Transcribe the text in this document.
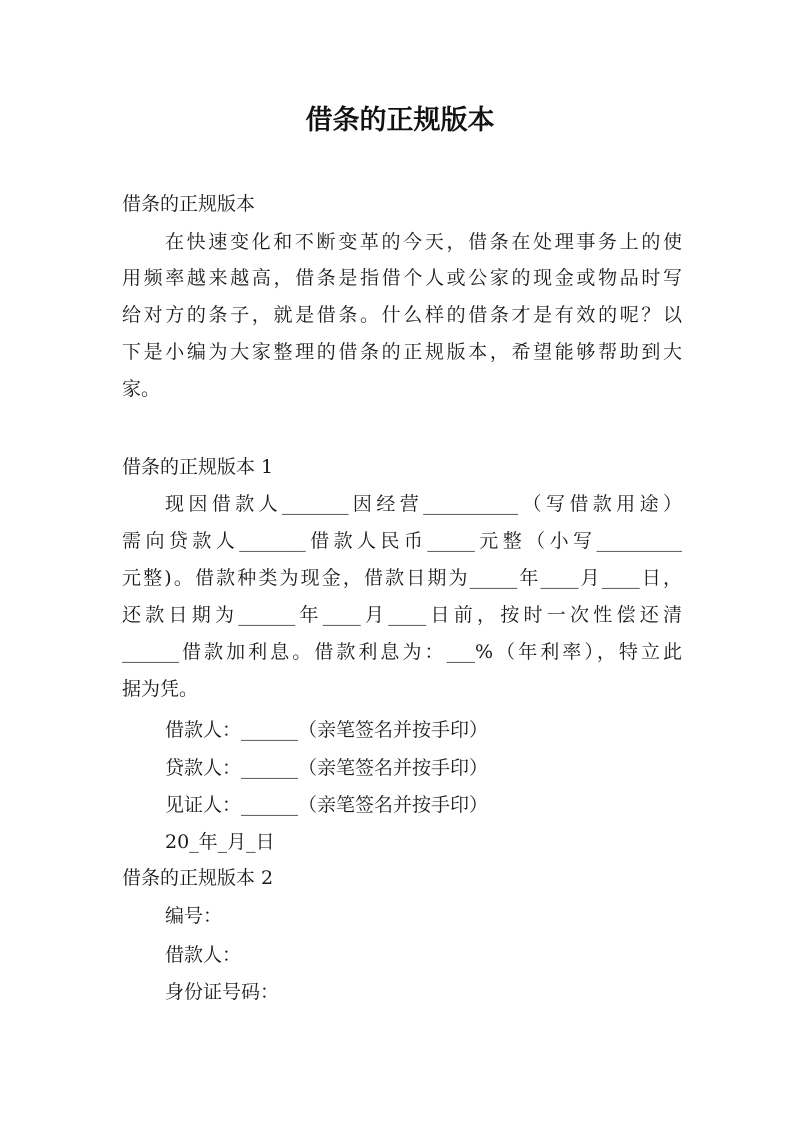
借条的正规版本
借条的正规版本
在快速变化和不断变革的今天，借条在处理事务上的使
用频率越来越高，借条是指借个人或公家的现金或物品时写
给对方的条子，就是借条。什么样的借条才是有效的呢？以
下是小编为大家整理的借条的正规版本，希望能够帮助到大
家。
借条的正规版本 1
现因借款人_______因经营__________（写借款用途）
需向贷款人_______借款人民币_____元整（小写_________
元整)。借款种类为现金，借款日期为_____年____月____日，
还款日期为______年____月____日前，按时一次性偿还清
______借款加利息。借款利息为：___%（年利率），特立此
据为凭。
借款人：______（亲笔签名并按手印）
贷款人：______（亲笔签名并按手印）
见证人：______（亲笔签名并按手印）
20_年_月_日
借条的正规版本 2
编号：
借款人：
身份证号码：
